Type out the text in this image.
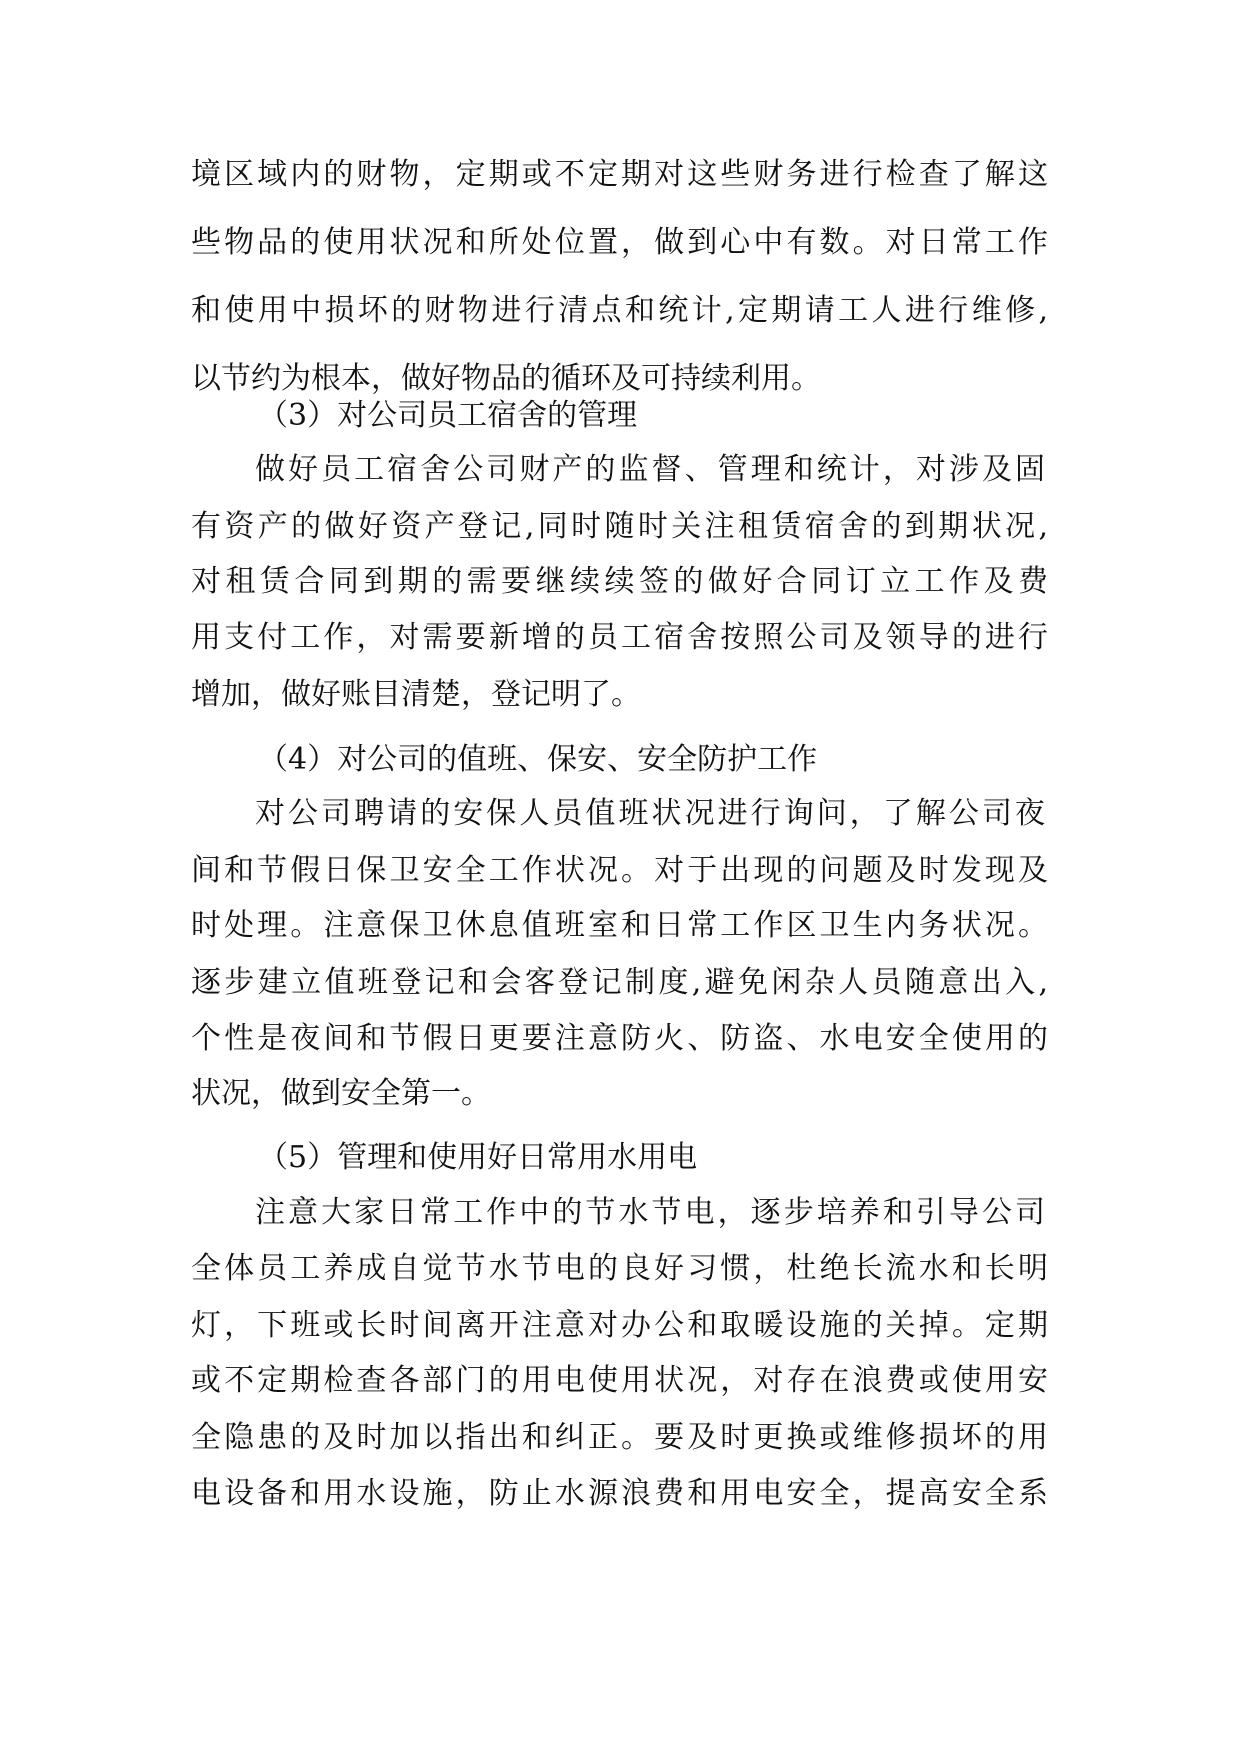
境区域内的财物，定期或不定期对这些财务进行检查了解这
些物品的使用状况和所处位置，做到心中有数。对日常工作
和使用中损坏的财物进行清点和统计,定期请工人进行维修,
以节约为根本，做好物品的循环及可持续利用。
（3）对公司员工宿舍的管理
做好员工宿舍公司财产的监督、管理和统计，对涉及固
有资产的做好资产登记,同时随时关注租赁宿舍的到期状况,
对租赁合同到期的需要继续续签的做好合同订立工作及费
用支付工作，对需要新增的员工宿舍按照公司及领导的进行
增加，做好账目清楚，登记明了。
（4）对公司的值班、保安、安全防护工作
对公司聘请的安保人员值班状况进行询问，了解公司夜
间和节假日保卫安全工作状况。对于出现的问题及时发现及
时处理。注意保卫休息值班室和日常工作区卫生内务状况。
逐步建立值班登记和会客登记制度,避免闲杂人员随意出入,
个性是夜间和节假日更要注意防火、防盗、水电安全使用的
状况，做到安全第一。
（5）管理和使用好日常用水用电
注意大家日常工作中的节水节电，逐步培养和引导公司
全体员工养成自觉节水节电的良好习惯，杜绝长流水和长明
灯，下班或长时间离开注意对办公和取暖设施的关掉。定期
或不定期检查各部门的用电使用状况，对存在浪费或使用安
全隐患的及时加以指出和纠正。要及时更换或维修损坏的用
电设备和用水设施，防止水源浪费和用电安全，提高安全系
